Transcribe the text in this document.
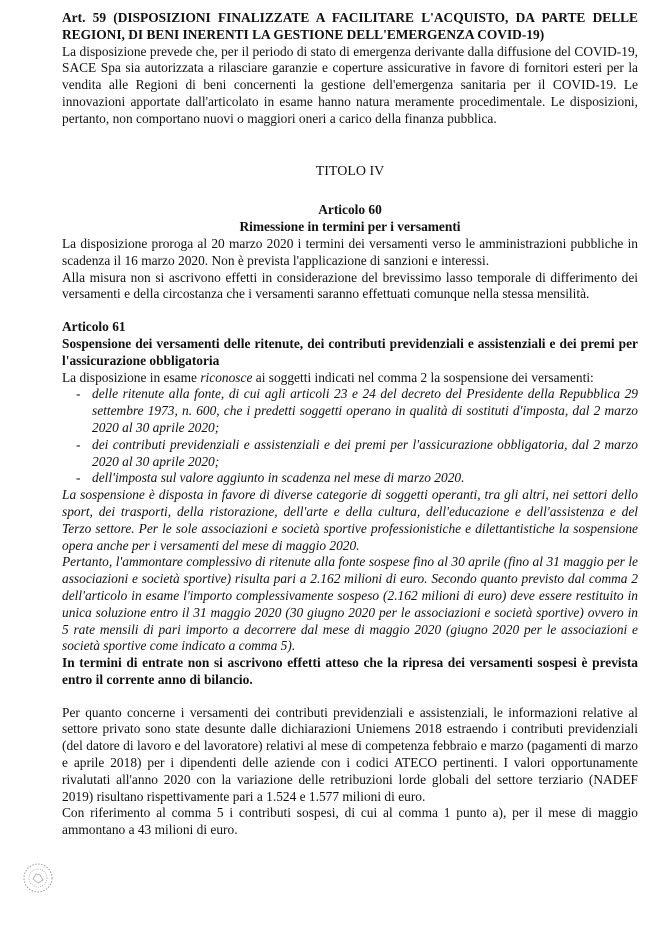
Art. 59 (DISPOSIZIONI FINALIZZATE A FACILITARE L'ACQUISTO, DA PARTE DELLE REGIONI, DI BENI INERENTI LA GESTIONE DELL'EMERGENZA COVID-19)

La disposizione prevede che, per il periodo di stato di emergenza derivante dalla diffusione del COVID-19, SACE Spa sia autorizzata a rilasciare garanzie e coperture assicurative in favore di fornitori esteri per la vendita alle Regioni di beni concernenti la gestione dell'emergenza sanitaria per il COVID-19. Le innovazioni apportate dall'articolato in esame hanno natura meramente procedimentale. Le disposizioni, pertanto, non comportano nuovi o maggiori oneri a carico della finanza pubblica.

TITOLO IV

Articolo 60

Rimessione in termini per i versamenti

La disposizione proroga al 20 marzo 2020 i termini dei versamenti verso le amministrazioni pubbliche in scadenza il 16 marzo 2020. Non è prevista l'applicazione di sanzioni e interessi.

Alla misura non si ascrivono effetti in considerazione del brevissimo lasso temporale di differimento dei versamenti e della circostanza che i versamenti saranno effettuati comunque nella stessa mensilità.

Articolo 61

Sospensione dei versamenti delle ritenute, dei contributi previdenziali e assistenziali e dei premi per l'assicurazione obbligatoria

La disposizione in esame riconosce ai soggetti indicati nel comma 2 la sospensione dei versamenti:

- delle ritenute alla fonte, di cui agli articoli 23 e 24 del decreto del Presidente della Repubblica 29 settembre 1973, n. 600, che i predetti soggetti operano in qualità di sostituti d'imposta, dal 2 marzo 2020 al 30 aprile 2020;
- dei contributi previdenziali e assistenziali e dei premi per l'assicurazione obbligatoria, dal 2 marzo 2020 al 30 aprile 2020;
- dell'imposta sul valore aggiunto in scadenza nel mese di marzo 2020.

La sospensione è disposta in favore di diverse categorie di soggetti operanti, tra gli altri, nei settori dello sport, dei trasporti, della ristorazione, dell'arte e della cultura, dell'educazione e dell'assistenza e del Terzo settore. Per le sole associazioni e società sportive professionistiche e dilettantistiche la sospensione opera anche per i versamenti del mese di maggio 2020.

Pertanto, l'ammontare complessivo di ritenute alla fonte sospese fino al 30 aprile (fino al 31 maggio per le associazioni e società sportive) risulta pari a 2.162 milioni di euro. Secondo quanto previsto dal comma 2 dell'articolo in esame l'importo complessivamente sospeso (2.162 milioni di euro) deve essere restituito in unica soluzione entro il 31 maggio 2020 (30 giugno 2020 per le associazioni e società sportive) ovvero in 5 rate mensili di pari importo a decorrere dal mese di maggio 2020 (giugno 2020 per le associazioni e società sportive come indicato a comma 5).

In termini di entrate non si ascrivono effetti atteso che la ripresa dei versamenti sospesi è prevista entro il corrente anno di bilancio.

Per quanto concerne i versamenti dei contributi previdenziali e assistenziali, le informazioni relative al settore privato sono state desunte dalle dichiarazioni Uniemens 2018 estraendo i contributi previdenziali (del datore di lavoro e del lavoratore) relativi al mese di competenza febbraio e marzo (pagamenti di marzo e aprile 2018) per i dipendenti delle aziende con i codici ATECO pertinenti. I valori opportunamente rivalutati all'anno 2020 con la variazione delle retribuzioni lorde globali del settore terziario (NADEF 2019) risultano rispettivamente pari a 1.524 e 1.577 milioni di euro.

Con riferimento al comma 5 i contributi sospesi, di cui al comma 1 punto a), per il mese di maggio ammontano a 43 milioni di euro.
